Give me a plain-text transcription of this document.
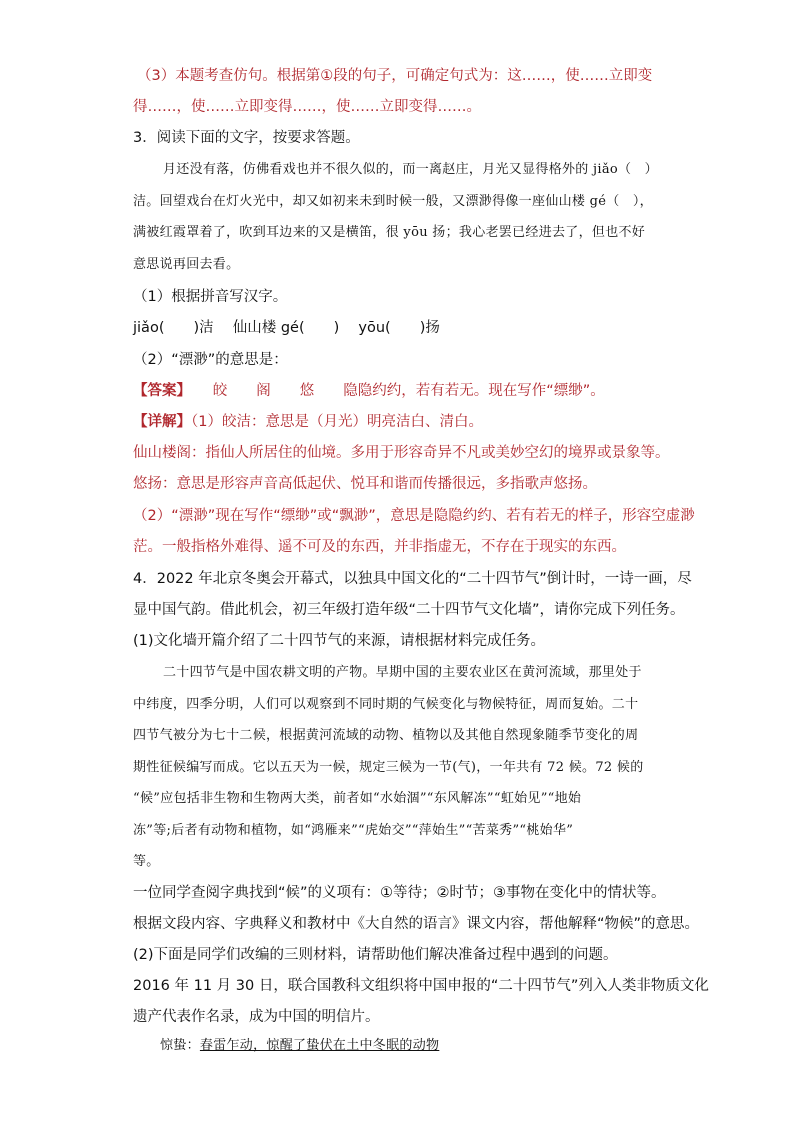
（3）本题考查仿句。根据第①段的句子，可确定句式为：这……，使……立即变
得……，使……立即变得……，使……立即变得……。
3．阅读下面的文字，按要求答题。
月还没有落，仿佛看戏也并不很久似的，而一离赵庄，月光又显得格外的 jiǎo（　）
洁。回望戏台在灯火光中，却又如初来未到时候一般，又漂渺得像一座仙山楼 gé（　），
满被红霞罩着了，吹到耳边来的又是横笛，很 yōu 扬；我心老罢已经进去了，但也不好
意思说再回去看。
（1）根据拼音写汉字。
jiǎo(　　)洁　 仙山楼 gé(　　)　 yōu(　　)扬
（2）“漂渺”的意思是：
【答案】　　皎　　阁　　悠　　隐隐约约，若有若无。现在写作“缥缈”。
【详解】（1）皎洁：意思是（月光）明亮洁白、清白。
仙山楼阁：指仙人所居住的仙境。多用于形容奇异不凡或美妙空幻的境界或景象等。
悠扬：意思是形容声音高低起伏、悦耳和谐而传播很远，多指歌声悠扬。
（2）“漂渺”现在写作“缥缈”或“飘渺”，意思是隐隐约约、若有若无的样子，形容空虚渺
茫。一般指格外难得、遥不可及的东西，并非指虚无，不存在于现实的东西。
4．2022 年北京冬奥会开幕式，以独具中国文化的“二十四节气”倒计时，一诗一画，尽
显中国气韵。借此机会，初三年级打造年级“二十四节气文化墙”，请你完成下列任务。
(1)文化墙开篇介绍了二十四节气的来源，请根据材料完成任务。
二十四节气是中国农耕文明的产物。早期中国的主要农业区在黄河流域，那里处于
中纬度，四季分明，人们可以观察到不同时期的气候变化与物候特征，周而复始。二十
四节气被分为七十二候，根据黄河流域的动物、植物以及其他自然现象随季节变化的周
期性征候编写而成。它以五天为一候，规定三候为一节(气)，一年共有 72 候。72 候的
“候”应包括非生物和生物两大类，前者如“水始涸”“东风解冻”“虹始见”“地始
冻”等;后者有动物和植物，如“鸿雁来”“虎始交”“萍始生”“苦菜秀”“桃始华”
等。
一位同学查阅字典找到“候”的义项有：①等待；②时节；③事物在变化中的情状等。
根据文段内容、字典释义和教材中《大自然的语言》课文内容，帮他解释“物候”的意思。
(2)下面是同学们改编的三则材料，请帮助他们解决准备过程中遇到的问题。
2016 年 11 月 30 日，联合国教科文组织将中国申报的“二十四节气”列入人类非物质文化
遗产代表作名录，成为中国的明信片。
惊蛰：春雷乍动，惊醒了蛰伏在土中冬眠的动物
